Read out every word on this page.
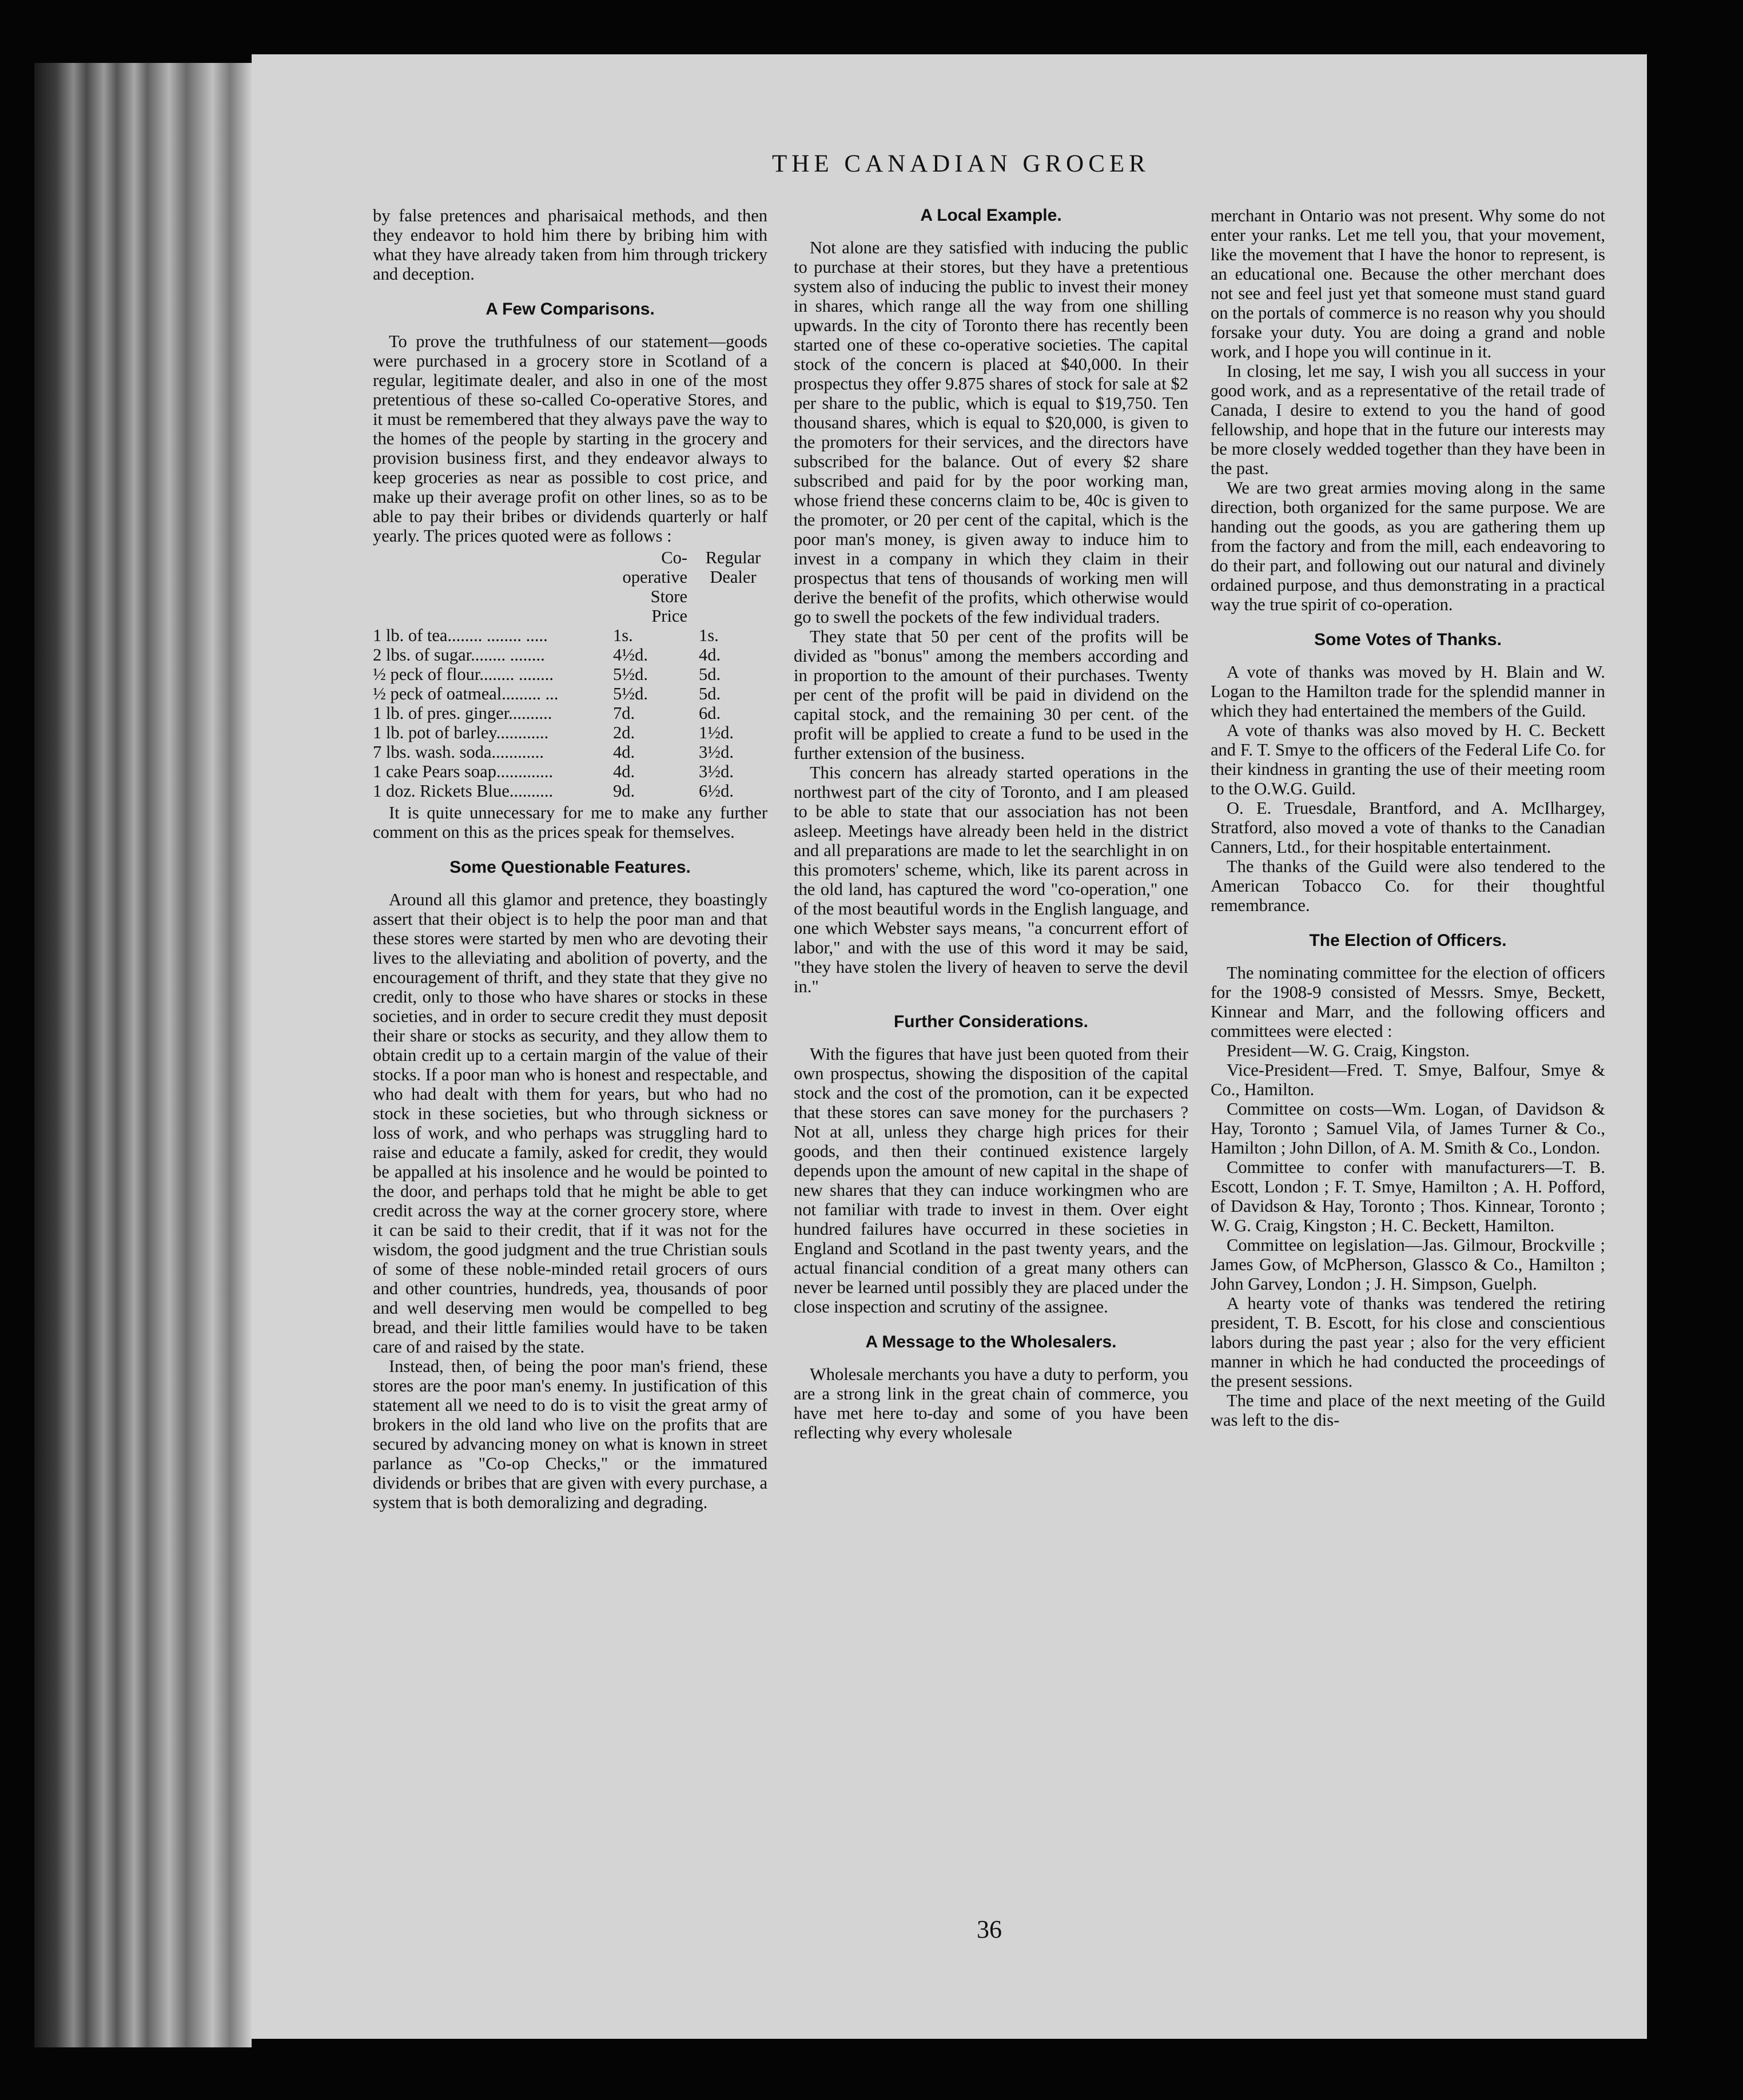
THE CANADIAN GROCER

by false pretences and pharisaical methods, and then they endeavor to hold him there by bribing him with what they have already taken from him through trickery and deception.

A Few Comparisons.

To prove the truthfulness of our statement—goods were purchased in a grocery store in Scotland of a regular, legitimate dealer, and also in one of the most pretentious of these so-called Co-operative Stores, and it must be remembered that they always pave the way to the homes of the people by starting in the grocery and provision business first, and they endeavor always to keep groceries as near as possible to cost price, and make up their average profit on other lines, so as to be able to pay their bribes or dividends quarterly or half yearly. The prices quoted were as follows :

	Co-operative Store Price	Regular Dealer
1 lb. of tea........ ........ .....	1s.	1s.
2 lbs. of sugar........ ........	4½d.	4d.
½ peck of flour........ ........	5½d.	5d.
½ peck of oatmeal......... ...	5½d.	5d.
1 lb. of pres. ginger..........	7d.	6d.
1 lb. pot of barley............	2d.	1½d.
7 lbs. wash. soda............	4d.	3½d.
1 cake Pears soap.............	4d.	3½d.
1 doz. Rickets Blue..........	9d.	6½d.

It is quite unnecessary for me to make any further comment on this as the prices speak for themselves.

Some Questionable Features.

Around all this glamor and pretence, they boastingly assert that their object is to help the poor man and that these stores were started by men who are devoting their lives to the alleviating and abolition of poverty, and the encouragement of thrift, and they state that they give no credit, only to those who have shares or stocks in these societies, and in order to secure credit they must deposit their share or stocks as security, and they allow them to obtain credit up to a certain margin of the value of their stocks. If a poor man who is honest and respectable, and who had dealt with them for years, but who had no stock in these societies, but who through sickness or loss of work, and who perhaps was struggling hard to raise and educate a family, asked for credit, they would be appalled at his insolence and he would be pointed to the door, and perhaps told that he might be able to get credit across the way at the corner grocery store, where it can be said to their credit, that if it was not for the wisdom, the good judgment and the true Christian souls of some of these noble-minded retail grocers of ours and other countries, hundreds, yea, thousands of poor and well deserving men would be compelled to beg bread, and their little families would have to be taken care of and raised by the state.

Instead, then, of being the poor man's friend, these stores are the poor man's enemy. In justification of this statement all we need to do is to visit the great army of brokers in the old land who live on the profits that are secured by advancing money on what is known in street parlance as "Co-op Checks," or the immatured dividends or bribes that are given with every purchase, a system that is both demoralizing and degrading.

A Local Example.

Not alone are they satisfied with inducing the public to purchase at their stores, but they have a pretentious system also of inducing the public to invest their money in shares, which range all the way from one shilling upwards. In the city of Toronto there has recently been started one of these co-operative societies. The capital stock of the concern is placed at $40,000. In their prospectus they offer 9.875 shares of stock for sale at $2 per share to the public, which is equal to $19,750. Ten thousand shares, which is equal to $20,000, is given to the promoters for their services, and the directors have subscribed for the balance. Out of every $2 share subscribed and paid for by the poor working man, whose friend these concerns claim to be, 40c is given to the promoter, or 20 per cent of the capital, which is the poor man's money, is given away to induce him to invest in a company in which they claim in their prospectus that tens of thousands of working men will derive the benefit of the profits, which otherwise would go to swell the pockets of the few individual traders.

They state that 50 per cent of the profits will be divided as "bonus" among the members according and in proportion to the amount of their purchases. Twenty per cent of the profit will be paid in dividend on the capital stock, and the remaining 30 per cent. of the profit will be applied to create a fund to be used in the further extension of the business.

This concern has already started operations in the northwest part of the city of Toronto, and I am pleased to be able to state that our association has not been asleep. Meetings have already been held in the district and all preparations are made to let the searchlight in on this promoters' scheme, which, like its parent across in the old land, has captured the word "co-operation," one of the most beautiful words in the English language, and one which Webster says means, "a concurrent effort of labor," and with the use of this word it may be said, "they have stolen the livery of heaven to serve the devil in."

Further Considerations.

With the figures that have just been quoted from their own prospectus, showing the disposition of the capital stock and the cost of the promotion, can it be expected that these stores can save money for the purchasers ? Not at all, unless they charge high prices for their goods, and then their continued existence largely depends upon the amount of new capital in the shape of new shares that they can induce workingmen who are not familiar with trade to invest in them. Over eight hundred failures have occurred in these societies in England and Scotland in the past twenty years, and the actual financial condition of a great many others can never be learned until possibly they are placed under the close inspection and scrutiny of the assignee.

A Message to the Wholesalers.

Wholesale merchants you have a duty to perform, you are a strong link in the great chain of commerce, you have met here to-day and some of you have been reflecting why every wholesale

merchant in Ontario was not present. Why some do not enter your ranks. Let me tell you, that your movement, like the movement that I have the honor to represent, is an educational one. Because the other merchant does not see and feel just yet that someone must stand guard on the portals of commerce is no reason why you should forsake your duty. You are doing a grand and noble work, and I hope you will continue in it.

In closing, let me say, I wish you all success in your good work, and as a representative of the retail trade of Canada, I desire to extend to you the hand of good fellowship, and hope that in the future our interests may be more closely wedded together than they have been in the past.

We are two great armies moving along in the same direction, both organized for the same purpose. We are handing out the goods, as you are gathering them up from the factory and from the mill, each endeavoring to do their part, and following out our natural and divinely ordained purpose, and thus demonstrating in a practical way the true spirit of co-operation.

Some Votes of Thanks.

A vote of thanks was moved by H. Blain and W. Logan to the Hamilton trade for the splendid manner in which they had entertained the members of the Guild.

A vote of thanks was also moved by H. C. Beckett and F. T. Smye to the officers of the Federal Life Co. for their kindness in granting the use of their meeting room to the O.W.G. Guild.

O. E. Truesdale, Brantford, and A. McIlhargey, Stratford, also moved a vote of thanks to the Canadian Canners, Ltd., for their hospitable entertainment.

The thanks of the Guild were also tendered to the American Tobacco Co. for their thoughtful remembrance.

The Election of Officers.

The nominating committee for the election of officers for the 1908-9 consisted of Messrs. Smye, Beckett, Kinnear and Marr, and the following officers and committees were elected :

President—W. G. Craig, Kingston.

Vice-President—Fred. T. Smye, Balfour, Smye & Co., Hamilton.

Committee on costs—Wm. Logan, of Davidson & Hay, Toronto ; Samuel Vila, of James Turner & Co., Hamilton ; John Dillon, of A. M. Smith & Co., London.

Committee to confer with manufacturers—T. B. Escott, London ; F. T. Smye, Hamilton ; A. H. Pofford, of Davidson & Hay, Toronto ; Thos. Kinnear, Toronto ; W. G. Craig, Kingston ; H. C. Beckett, Hamilton.

Committee on legislation—Jas. Gilmour, Brockville ; James Gow, of McPherson, Glassco & Co., Hamilton ; John Garvey, London ; J. H. Simpson, Guelph.

A hearty vote of thanks was tendered the retiring president, T. B. Escott, for his close and conscientious labors during the past year ; also for the very efficient manner in which he had conducted the proceedings of the present sessions.

The time and place of the next meeting of the Guild was left to the dis-

36
